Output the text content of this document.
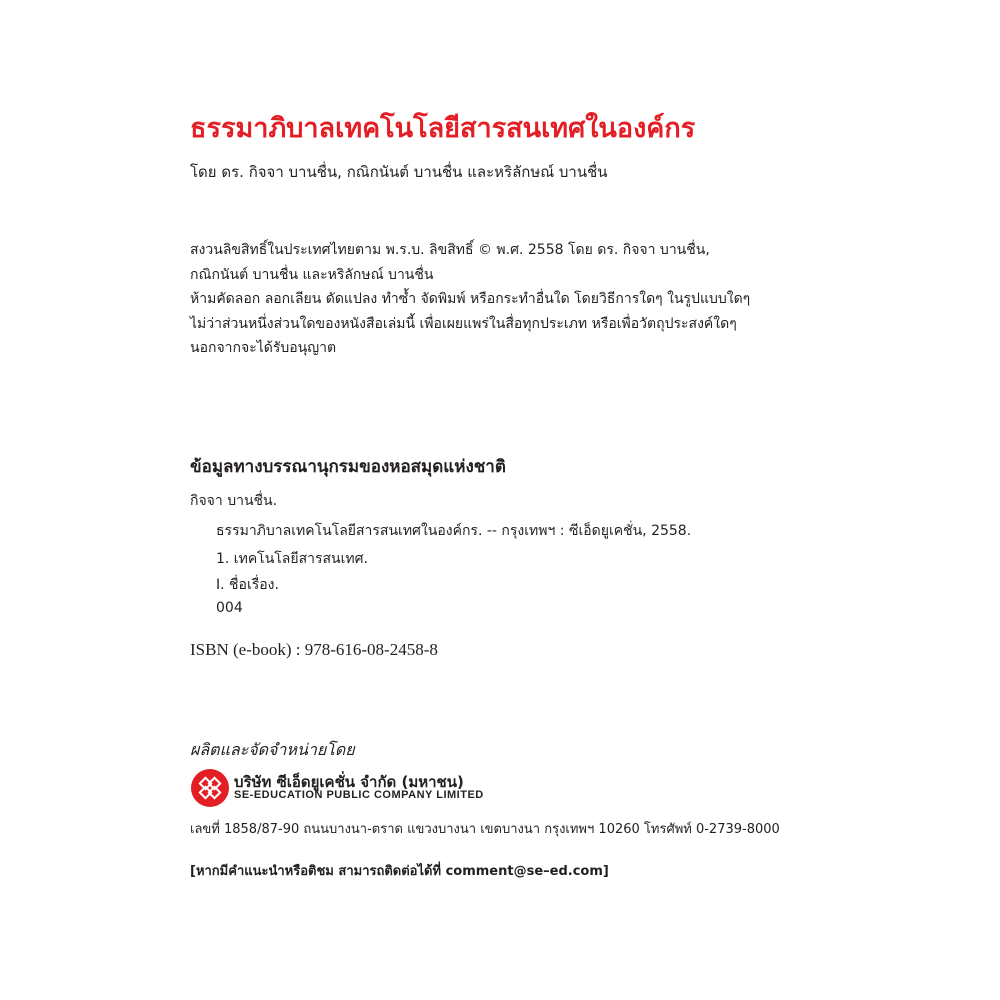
ธรรมาภิบาลเทคโนโลยีสารสนเทศในองค์กร
โดย ดร. กิจจา บานชื่น, กณิกนันต์ บานชื่น และหริลักษณ์ บานชื่น
สงวนลิขสิทธิ์ในประเทศไทยตาม พ.ร.บ. ลิขสิทธิ์ © พ.ศ. 2558 โดย ดร. กิจจา บานชื่น,
กณิกนันต์ บานชื่น และหริลักษณ์ บานชื่น
ห้ามคัดลอก ลอกเลียน ดัดแปลง ทำซ้ำ จัดพิมพ์ หรือกระทำอื่นใด โดยวิธีการใดๆ ในรูปแบบใดๆ
ไม่ว่าส่วนหนึ่งส่วนใดของหนังสือเล่มนี้ เพื่อเผยแพร่ในสื่อทุกประเภท หรือเพื่อวัตถุประสงค์ใดๆ
นอกจากจะได้รับอนุญาต
ข้อมูลทางบรรณานุกรมของหอสมุดแห่งชาติ
กิจจา บานชื่น.
ธรรมาภิบาลเทคโนโลยีสารสนเทศในองค์กร. -- กรุงเทพฯ : ซีเอ็ดยูเคชั่น, 2558.
1. เทคโนโลยีสารสนเทศ.
I. ชื่อเรื่อง.
004
ISBN (e-book) : 978-616-08-2458-8
ผลิตและจัดจำหน่ายโดย
บริษัท ซีเอ็ดยูเคชั่น จำกัด (มหาชน)
SE-EDUCATION PUBLIC COMPANY LIMITED
เลขที่ 1858/87-90 ถนนบางนา-ตราด แขวงบางนา เขตบางนา กรุงเทพฯ 10260 โทรศัพท์ 0-2739-8000
[หากมีคำแนะนำหรือติชม สามารถติดต่อได้ที่ comment@se–ed.com]
